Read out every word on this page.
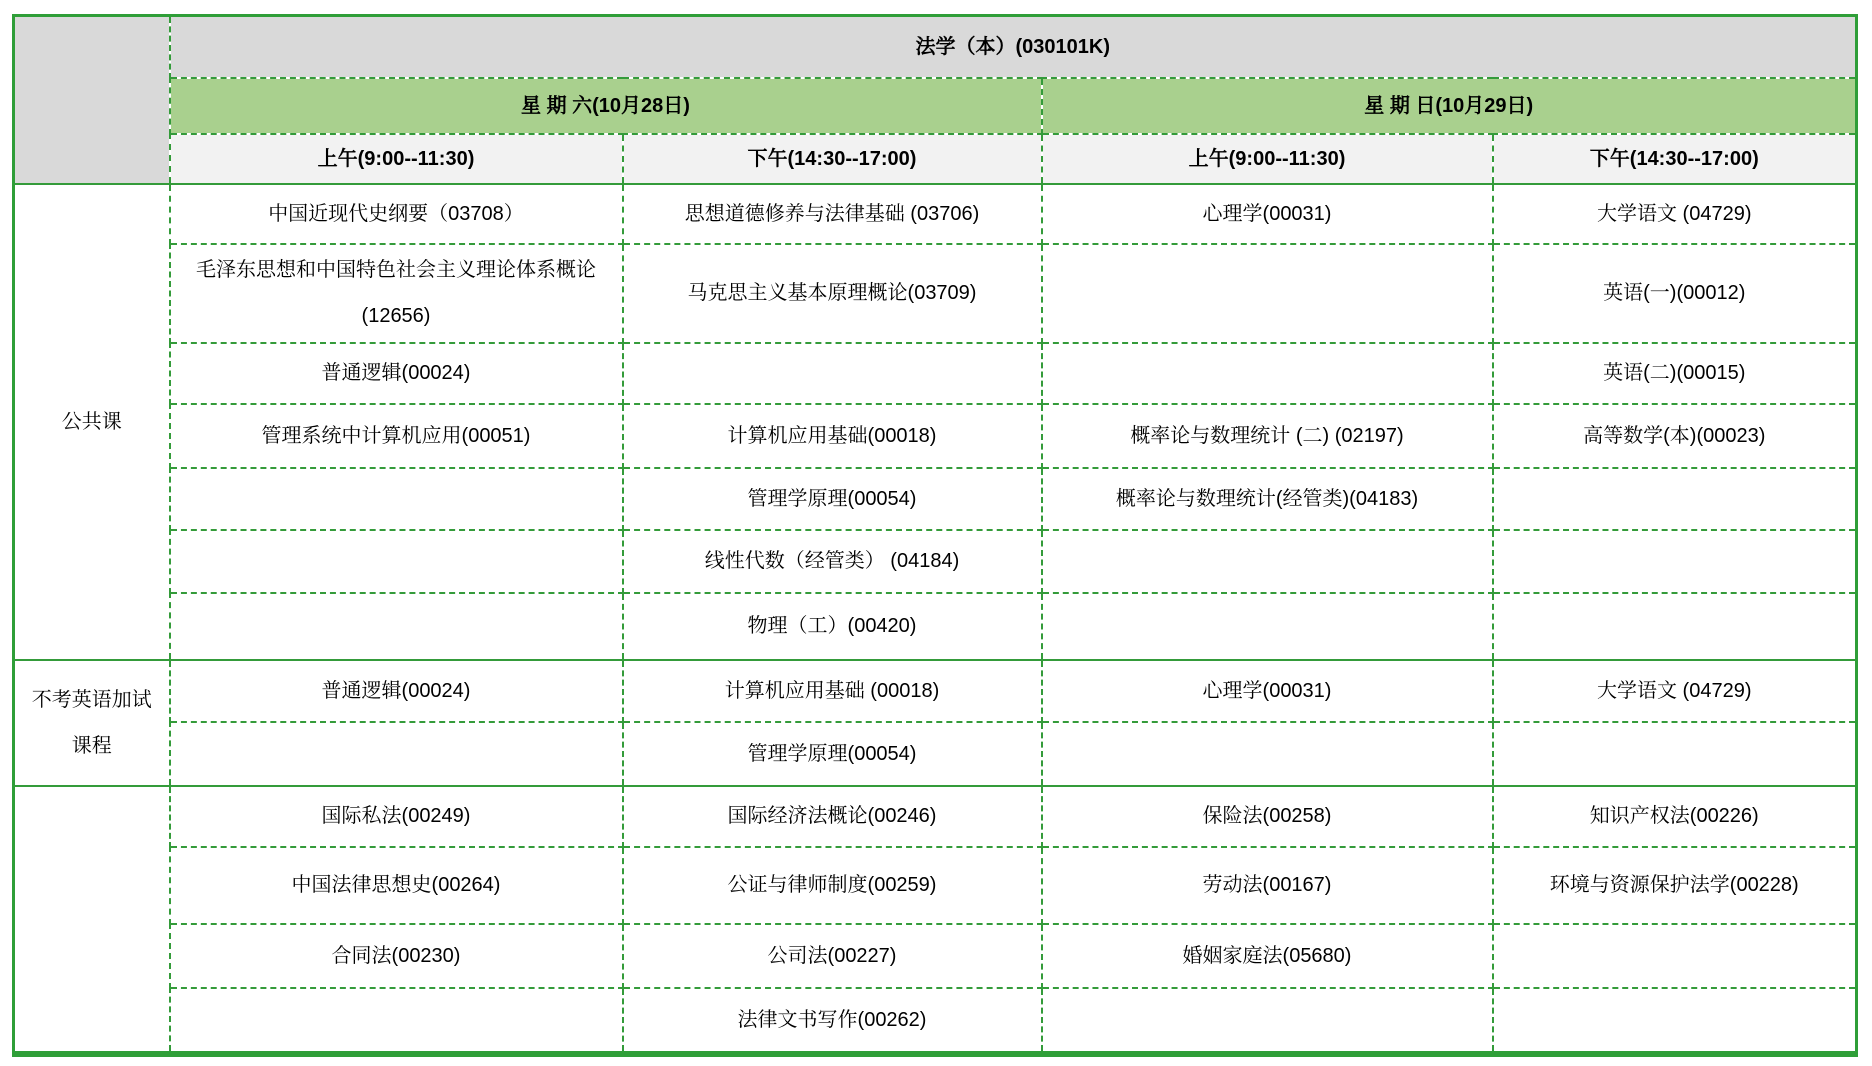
	法学（本）(030101K)			
	星 期 六(10月28日)		星 期 日(10月29日)	
	上午(9:00--11:30)	下午(14:30--17:00)	上午(9:00--11:30)	下午(14:30--17:00)
公共课	中国近现代史纲要（03708）	思想道德修养与法律基础 (03706)	心理学(00031)	大学语文 (04729)
	毛泽东思想和中国特色社会主义理论体系概论(12656)	马克思主义基本原理概论(03709)		英语(一)(00012)
	普通逻辑(00024)			英语(二)(00015)
	管理系统中计算机应用(00051)	计算机应用基础(00018)	概率论与数理统计 (二) (02197)	高等数学(本)(00023)
		管理学原理(00054)	概率论与数理统计(经管类)(04183)	
		线性代数（经管类） (04184)		
		物理（工）(00420)		
不考英语加试课程	普通逻辑(00024)	计算机应用基础 (00018)	心理学(00031)	大学语文 (04729)
		管理学原理(00054)		
	国际私法(00249)	国际经济法概论(00246)	保险法(00258)	知识产权法(00226)
	中国法律思想史(00264)	公证与律师制度(00259)	劳动法(00167)	环境与资源保护法学(00228)
	合同法(00230)	公司法(00227)	婚姻家庭法(05680)	
		法律文书写作(00262)		
